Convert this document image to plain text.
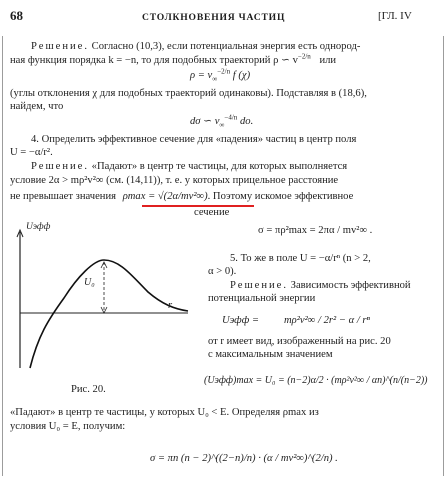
68	СТОЛКНОВЕНИЯ ЧАСТИЦ	[ГЛ. IV
Решение. Согласно (10,3), если потенциальная энергия есть однород-
ная функция порядка k = −n, то для подобных траекторий ρ ∽ $v^{-2/n}$ или
$\rho = v_\infty^{-2/n}$ f (χ)
(углы отклонения χ для подобных траекторий одинаковы). Подставляя в (18,6),
найдем, что
dσ ∽ $v_\infty^{-4/n}$ do.
4. Определить эффективное сечение для «падения» частиц в центр поля
U = −α/r².
Решение. «Падают» в центр те частицы, для которых выполняется
условие 2α > mρ²v²∞ (см. (14,11)), т. е. у которых прицельное расстояние
не превышает значения ρmax = √(2α/mv²∞). Поэтому искомое эффективное
сечение
σ = πρ²max = 2πα / mv²∞ .
Uэфф
r
U₀
Рис. 20.
5. То же в поле U = −α/rⁿ (n > 2,
α > 0).
Решение. Зависимость эффективной
потенциальной энергии
Uэфф = mρ²v²∞ / 2r² − α / rⁿ
от r имеет вид, изображенный на рис. 20
с максимальным значением
(Uэфф)max = U₀ = (n−2)α/2 · (mρ²v²∞ / αn)^(n/(n−2))
«Падают» в центр те частицы, у которых U₀ < E. Определяя ρmax из
условия U₀ = E, получим:
σ = πn (n − 2)^((2−n)/n) · (α / mv²∞)^(2/n) .
